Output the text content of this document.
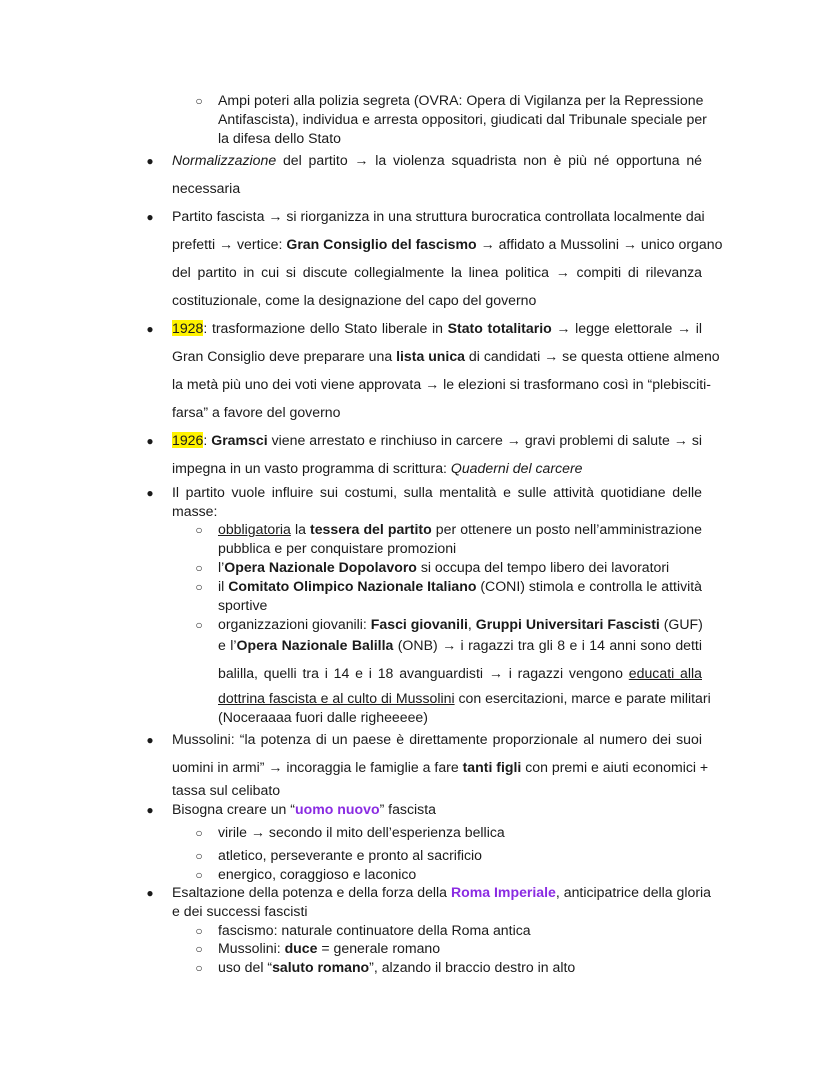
○ Ampi poteri alla polizia segreta (OVRA: Opera di Vigilanza per la Repressione
Antifascista), individua e arresta oppositori, giudicati dal Tribunale speciale per
la difesa dello Stato
● Normalizzazione del partito → la violenza squadrista non è più né opportuna né
necessaria
● Partito fascista → si riorganizza in una struttura burocratica controllata localmente dai
prefetti → vertice: Gran Consiglio del fascismo → affidato a Mussolini → unico organo
del partito in cui si discute collegialmente la linea politica → compiti di rilevanza
costituzionale, come la designazione del capo del governo
● 1928: trasformazione dello Stato liberale in Stato totalitario → legge elettorale → il
Gran Consiglio deve preparare una lista unica di candidati → se questa ottiene almeno
la metà più uno dei voti viene approvata → le elezioni si trasformano così in “plebisciti-
farsa” a favore del governo
● 1926: Gramsci viene arrestato e rinchiuso in carcere → gravi problemi di salute → si
impegna in un vasto programma di scrittura: Quaderni del carcere
● Il partito vuole influire sui costumi, sulla mentalità e sulle attività quotidiane delle
masse:
○ obbligatoria la tessera del partito per ottenere un posto nell’amministrazione
pubblica e per conquistare promozioni
○ l’Opera Nazionale Dopolavoro si occupa del tempo libero dei lavoratori
○ il Comitato Olimpico Nazionale Italiano (CONI) stimola e controlla le attività
sportive
○ organizzazioni giovanili: Fasci giovanili, Gruppi Universitari Fascisti (GUF)
e l’Opera Nazionale Balilla (ONB) → i ragazzi tra gli 8 e i 14 anni sono detti
balilla, quelli tra i 14 e i 18 avanguardisti → i ragazzi vengono educati alla
dottrina fascista e al culto di Mussolini con esercitazioni, marce e parate militari
(Noceraaaa fuori dalle righeeeee)
● Mussolini: “la potenza di un paese è direttamente proporzionale al numero dei suoi
uomini in armi” → incoraggia le famiglie a fare tanti figli con premi e aiuti economici +
tassa sul celibato
● Bisogna creare un “uomo nuovo” fascista
○ virile → secondo il mito dell’esperienza bellica
○ atletico, perseverante e pronto al sacrificio
○ energico, coraggioso e laconico
● Esaltazione della potenza e della forza della Roma Imperiale, anticipatrice della gloria
e dei successi fascisti
○ fascismo: naturale continuatore della Roma antica
○ Mussolini: duce = generale romano
○ uso del “saluto romano”, alzando il braccio destro in alto
